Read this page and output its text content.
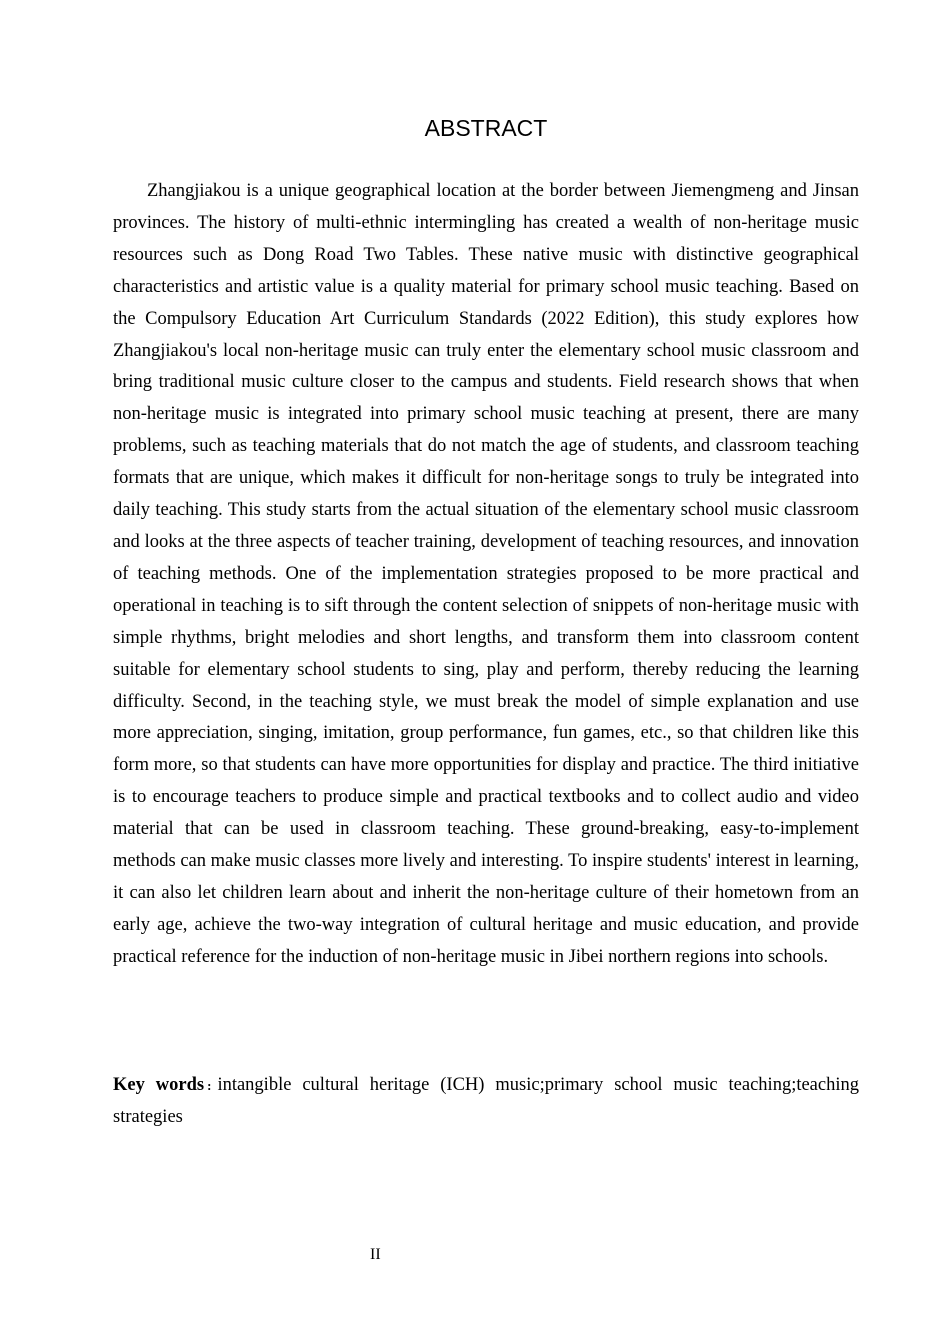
ABSTRACT

Zhangjiakou is a unique geographical location at the border between Jiemengmeng and Jinsan provinces. The history of multi-ethnic intermingling has created a wealth of non-heritage music resources such as Dong Road Two Tables. These native music with distinctive geographical characteristics and artistic value is a quality material for primary school music teaching. Based on the Compulsory Education Art Curriculum Standards (2022 Edition), this study explores how Zhangjiakou's local non-heritage music can truly enter the elementary school music classroom and bring traditional music culture closer to the campus and students. Field research shows that when non-heritage music is integrated into primary school music teaching at present, there are many problems, such as teaching materials that do not match the age of students, and classroom teaching formats that are unique, which makes it difficult for non-heritage songs to truly be integrated into daily teaching. This study starts from the actual situation of the elementary school music classroom and looks at the three aspects of teacher training, development of teaching resources, and innovation of teaching methods. One of the implementation strategies proposed to be more practical and operational in teaching is to sift through the content selection of snippets of non-heritage music with simple rhythms, bright melodies and short lengths, and transform them into classroom content suitable for elementary school students to sing, play and perform, thereby reducing the learning difficulty. Second, in the teaching style, we must break the model of simple explanation and use more appreciation, singing, imitation, group performance, fun games, etc., so that children like this form more, so that students can have more opportunities for display and practice. The third initiative is to encourage teachers to produce simple and practical textbooks and to collect audio and video material that can be used in classroom teaching. These ground-breaking, easy-to-implement methods can make music classes more lively and interesting. To inspire students' interest in learning, it can also let children learn about and inherit the non-heritage culture of their hometown from an early age, achieve the two-way integration of cultural heritage and music education, and provide practical reference for the induction of non-heritage music in Jibei northern regions into schools.

Key words : intangible cultural heritage (ICH) music;primary school music teaching;teaching strategies

II
